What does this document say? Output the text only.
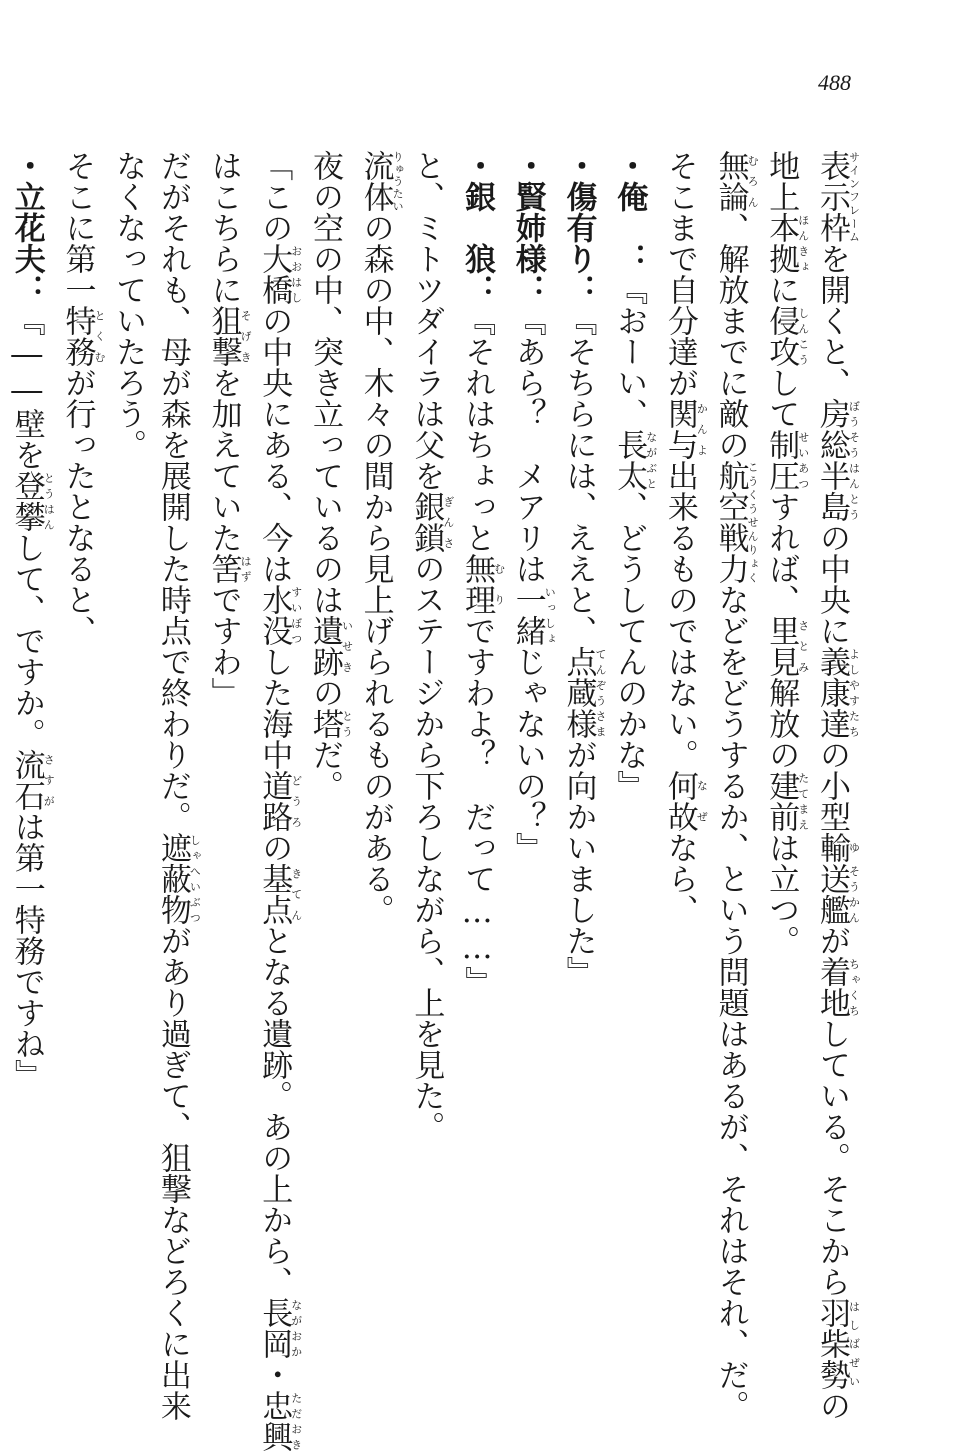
488
表示枠サインフレームを開くと、房総半島ぼうそうはんとうの中央に義康達よしやすたちの小型輸ゆ送艦そうかんが着地ちゃくちしている。そこから羽柴勢はしばぜいの
地上本拠ほんきょに侵攻しんこうして制圧せいあつすれば、里見さとみ解放の建前たてまえは立つ。
無論むろん、解放までに敵の航空戦力こうくうせんりょくなどをどうするか、という問題はあるが、それはそれ、だ。
そこまで自分達が関与かんよ出来るものではない。何故なぜなら、
・俺　：『おーい、長太ながぶと、どうしてんのかな』
・傷有り：『そちらには、ええと、点蔵様てんぞうさまが向かいました』
・賢姉様：『あら？　メアリは一緒いっしょじゃないの？』
・銀　狼：『それはちょっと無理むりですわよ？　だって……』
と、ミトツダイラは父を銀鎖ぎんさのステージから下ろしながら、上を見た。
流体りゅうたいの森の中、木々の間から見上げられるものがある。
夜の空の中、突き立っているのは遺跡いせきの塔とうだ。
「この大橋おおはしの中央にある、今は水没すいぼつした海中道路どうろの基点きてんとなる遺跡。あの上から、長岡ながおか・忠興ただおき
はこちらに狙撃そげきを加えていた筈はずですわ」
だがそれも、母が森を展開した時点で終わりだ。遮蔽物しゃへいぶつがあり過ぎて、狙撃などろくに出来
なくなっていたろう。
そこに第一特務とくむが行ったとなると、
・立花夫：『――壁を登攀とうはんして、ですか。流石さすがは第一特務ですね』
